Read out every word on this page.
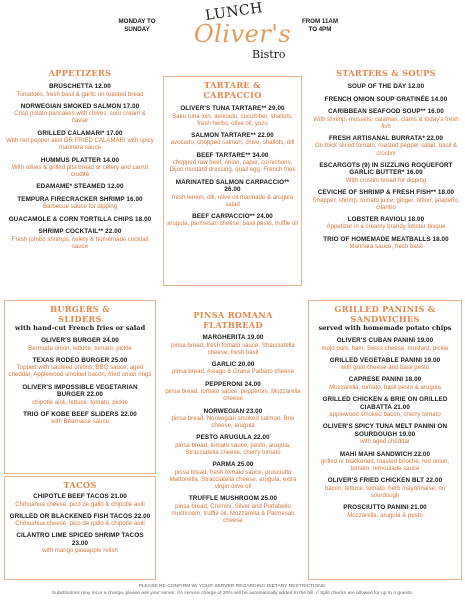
MONDAY TO SUNDAY
LUNCH
Oliver's
Bistro
FROM 11AM TO 4PM
APPETIZERS
BRUSCHETTA 12.00
Tomatoes, fresh basil & garlic on toasted bread
NORWEGIAN SMOKED SALMON 17.00
Crisp potato pancakes with chives, sour cream & caviar
GRILLED CALAMARI* 17.00
With red pepper aioli OR FRIED CALAMARI with spicy marinara sauce
HUMMUS PLATTER 14.00
With olives & grilled pita bread or celery and carrot crudité
EDAMAME* STEAMED 12.00
TEMPURA FIRECRACKER SHRIMP 16.00
Barbecue sauce for dipping
GUACAMOLE & CORN TORTILLA CHIPS 18.00
SHRIMP COCKTAIL** 22.00
Fresh jumbo shrimps, celery & homemade cocktail sauce
TARTARE & CARPACCIO
OLIVER'S TUNA TARTARE** 29.00
Saku tuna loin, avocado, cucumber, shallots, fresh herbs, olive oil, yuzu
SALMON TARTARE** 22.00
avocado, chopped salmon, chive, shallots, dill
BEEF TARTARE** 34.00
chopped raw beef, onion, caper, cornichons, Dijon mustard dressing, quail egg, French fries
MARINATED SALMON CARPACCIO** 26.00
fresh lemon, dill, olive oil marinade & arugula salad
BEEF CARPACCIO** 24.00
arugula, parmesan cheese, basil pesto, truffle oil
STARTERS & SOUPS
SOUP OF THE DAY 12.00
FRENCH ONION SOUP GRATINÉE 14.00
CARIBBEAN SEAFOOD SOUP** 16.00
With shrimp, mussels, calamari, clams & today's fresh fish
FRESH ARTISANAL BURRATA* 22.00
On thick sliced tomato, roasted pepper salad, basil & crostini
ESCARGOTS (9) IN SIZZLING ROQUEFORT GARLIC BUTTER* 16.00
With crostini bread for dipping
CEVICHE OF SHRIMP & FRESH FISH** 18.00
Snapper, shrimp, tomato juice, ginger, onion, jalapeño, cilantro
LOBSTER RAVIOLI 18.00
Appetizer in a creamy brandy lobster bisque
TRIO OF HOMEMADE MEATBALLS 18.00
Marinara sauce, fresh basil
BURGERS & SLIDERS
with hand-cut French fries or salad
OLIVER'S BURGER 24.00
Bermuda onion, lettuce, tomato, pickle
TEXAS RODEO BURGER 25.00
Topped with sautéed onions, BBQ sauce, aged cheddar, Applewood smoked bacon, fried onion rings
OLIVER'S IMPOSSIBLE VEGETARIAN BURGER 22.00
chipotle aioli, lettuce, tomato, pickle
TRIO OF KOBE BEEF SLIDERS 22.00
with Béarnaise sauce
TACOS
CHIPOTLE BEEF TACOS 21.00
Chihuahua cheese, pico de gallo & chipotle aioli
GRILLED OR BLACKENED FISH TACOS 22.00
Chihuahua cheese, pico de gallo & chipotle aioli
CILANTRO LIME SPICED SHRIMP TACOS 23.00
with mango pineapple relish
PINSA ROMANA FLATBREAD
MARGHERITA 19.00
pinsa bread, fresh tomato sauce, Stracciatella cheese, fresh basil
GARLIC 20.00
pinsa bread, Asiago & Grana Padano cheese
PEPPERONI 24.00
pinsa bread, tomato sauce, pepperoni, Mozzarella cheese
NORWEGIAN 23.00
pinsa bread, Norwegian smoked salmon, Brie cheese, arugula
PESTO ARUGULA 22.00
pinsa bread, tomato sauce, pesto, arugula, Stracciatella cheese, cherry tomato
PARMA 25.00
pinsa bread, fresh tomato sauce, prosciutto Mattonella, Stracciatella cheese, arugula, extra virgin olive oil
TRUFFLE MUSHROOM 25.00
pinsa bread, Cremini, Silver and Portabello mushroom, truffle oil, Mozzarella & Parmesan cheese
GRILLED PANINIS & SANDWICHES
served with homemade potato chips
OLIVER'S CUBAN PANINI 19.00
mojo pork, ham, Swiss cheese, mustard, pickle
GRILLED VEGETABLE PANINI 19.00
with goat cheese and basil pesto
CAPRESE PANINI 18.00
Mozzarella, tomato, basil pesto & arugula
GRILLED CHICKEN & BRIE ON GRILLED CIABATTA 21.00
applewood smoked bacon, cherry tomato
OLIVER'S SPICY TUNA MELT PANINI ON SOURDOUGH 19.00
with aged cheddar
MAHI MAHI SANDWICH 22.00
grilled or blackened, toasted brioche, red onion, tomato, remoulade sauce
OLIVER'S FRIED CHICKEN BLT 22.00
bacon, lettuce, tomato, herb mayonnaise, on sourdough
PROSCIUTTO PANINI 21.00
Mozzarella, arugula & pesto
PLEASE RE-CONFIRM W/ YOUR SERVER REGARDING DIETARY RESTRICTIONS.
Substitutions may incur a charge, please ask your server. //A service charge of 20% will be automatically added to the bill. // Split checks are allowed for up to 4 guests.
